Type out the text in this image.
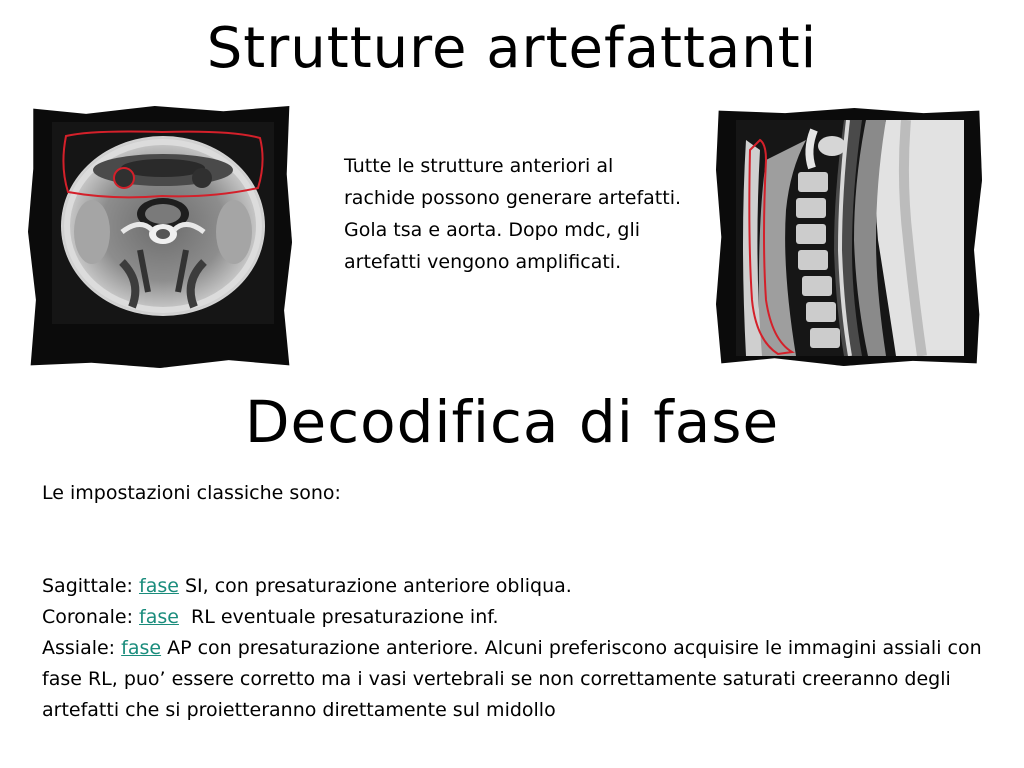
Strutture artefattanti
Tutte le strutture anteriori al rachide possono generare artefatti. Gola tsa e aorta. Dopo mdc, gli artefatti vengono amplificati.
Decodifica di fase

Le impostazioni classiche sono:

Sagittale: fase SI, con presaturazione anteriore obliqua.

Coronale: fase  RL eventuale presaturazione inf.

Assiale: fase AP con presaturazione anteriore. Alcuni preferiscono acquisire le immagini assiali con fase RL, puo’ essere corretto ma i vasi vertebrali se non correttamente saturati creeranno degli artefatti che si proietteranno direttamente sul midollo
